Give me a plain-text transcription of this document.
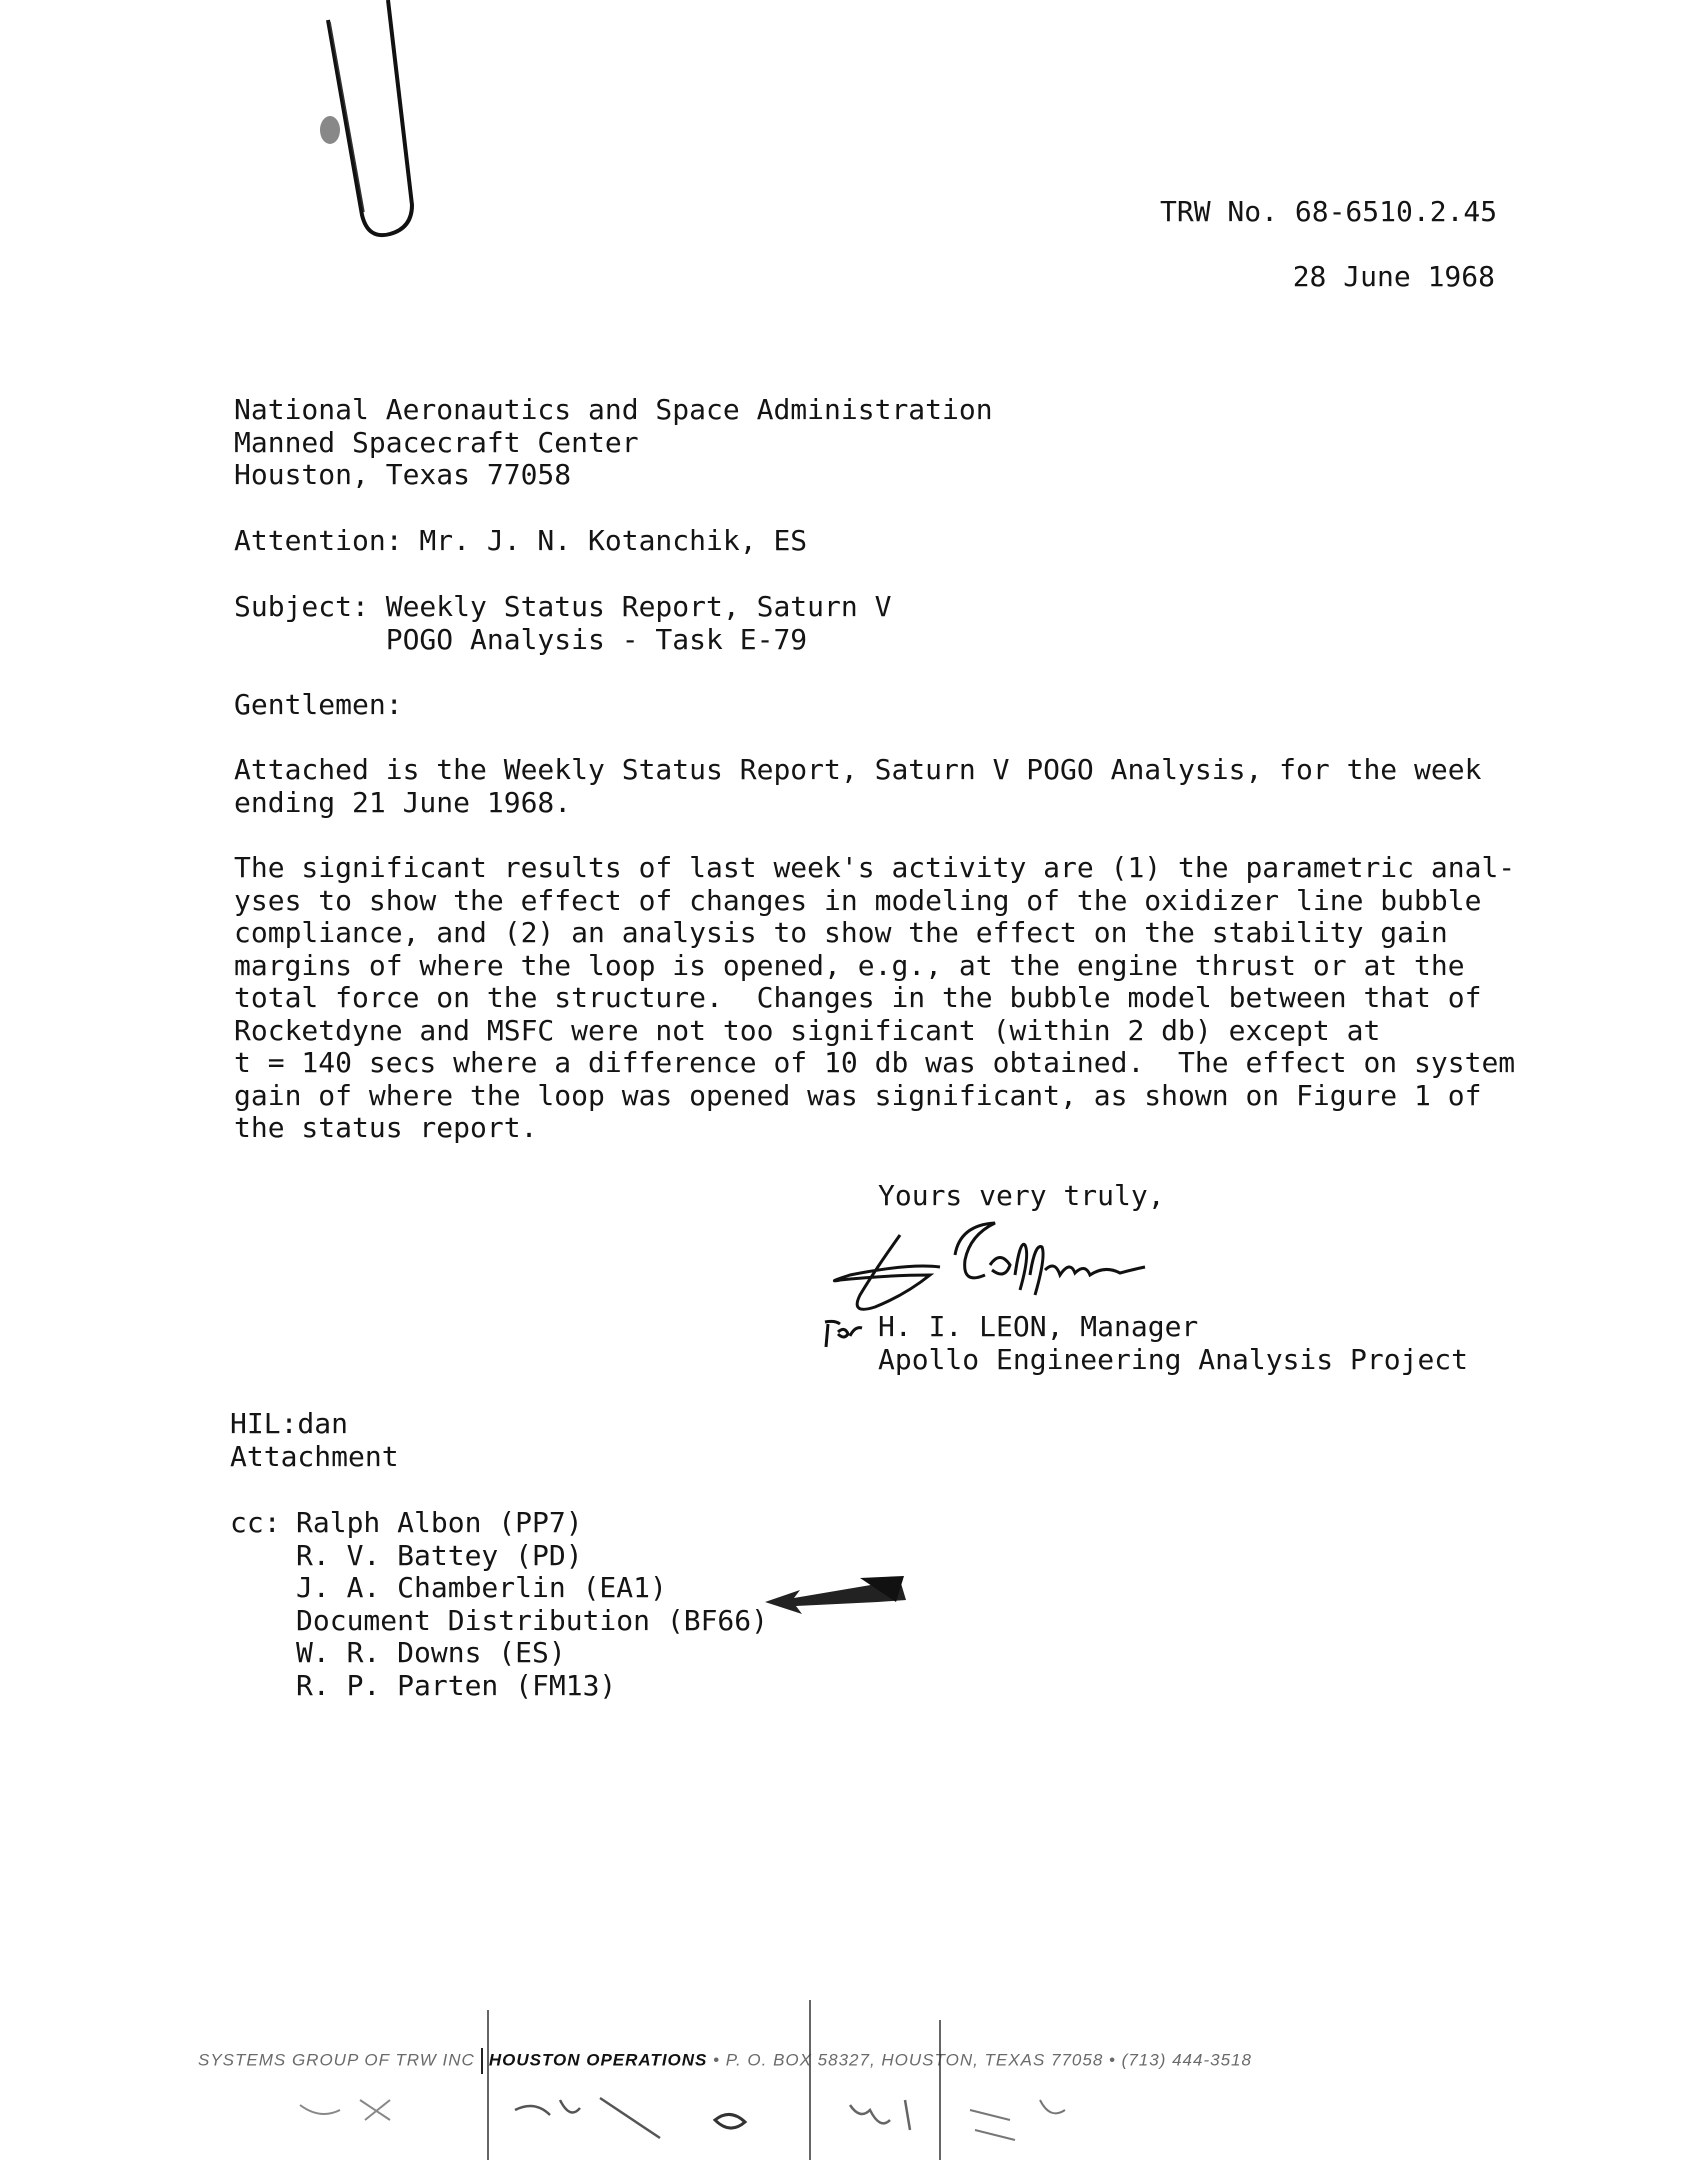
TRW No. 68-6510.2.45
28 June 1968
National Aeronautics and Space Administration
Manned Spacecraft Center
Houston, Texas 77058
Attention: Mr. J. N. Kotanchik, ES
Subject: Weekly Status Report, Saturn V
POGO Analysis - Task E-79
Gentlemen:
Attached is the Weekly Status Report, Saturn V POGO Analysis, for the week
ending 21 June 1968.
The significant results of last week's activity are (1) the parametric anal-
yses to show the effect of changes in modeling of the oxidizer line bubble
compliance, and (2) an analysis to show the effect on the stability gain
margins of where the loop is opened, e.g., at the engine thrust or at the
total force on the structure.  Changes in the bubble model between that of
Rocketdyne and MSFC were not too significant (within 2 db) except at
t = 140 secs where a difference of 10 db was obtained.  The effect on system
gain of where the loop was opened was significant, as shown on Figure 1 of
the status report.
Yours very truly,
H. I. LEON, Manager
Apollo Engineering Analysis Project
HIL:dan
Attachment
cc: Ralph Albon (PP7)
R. V. Battey (PD)
J. A. Chamberlin (EA1)
Document Distribution (BF66)
W. R. Downs (ES)
R. P. Parten (FM13)
SYSTEMS GROUP OF TRW INC HOUSTON OPERATIONS • P. O. BOX 58327, HOUSTON, TEXAS 77058 • (713) 444-3518
